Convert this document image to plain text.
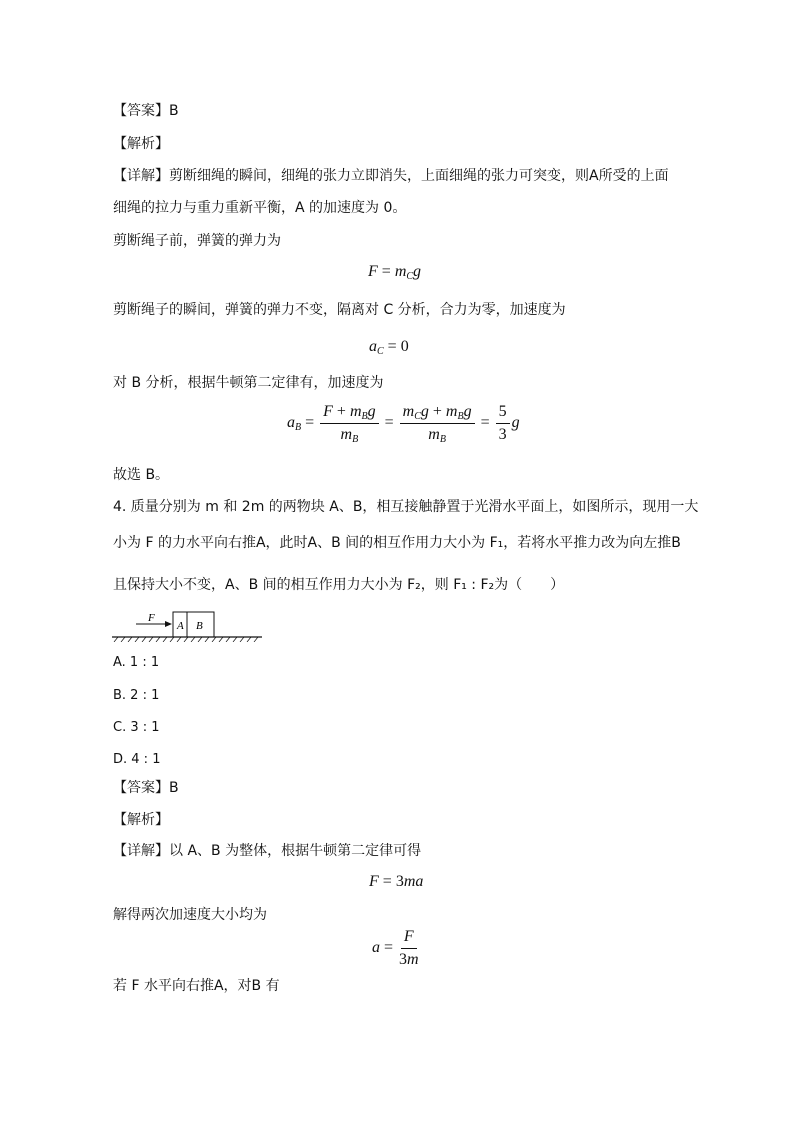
【答案】B
【解析】
【详解】剪断细绳的瞬间，细绳的张力立即消失，上面细绳的张力可突变，则A所受的上面
细绳的拉力与重力重新平衡，A 的加速度为 0。
剪断绳子前，弹簧的弹力为
$F = m_Cg$
剪断绳子的瞬间，弹簧的弹力不变，隔离对 C 分析，合力为零，加速度为
$a_C = 0$
对 B 分析，根据牛顿第二定律有，加速度为
$a_B = \frac{F + m_Bg}{m_B} = \frac{m_Cg + m_Bg}{m_B} = \frac{5}{3}$ g
故选 B。
4. 质量分别为 m 和 2m 的两物块 A、B，相互接触静置于光滑水平面上，如图所示，现用一大
小为 F 的力水平向右推A，此时A、B 间的相互作用力大小为 F₁，若将水平推力改为向左推B
且保持大小不变，A、B 间的相互作用力大小为 F₂，则 F₁ : F₂为（　　）
F
A B
A. 1 : 1
B. 2 : 1
C. 3 : 1
D. 4 : 1
【答案】B
【解析】
【详解】以 A、B 为整体，根据牛顿第二定律可得
F = 3ma
解得两次加速度大小均为
$a = \frac{F}{3m}$
若 F 水平向右推A，对B 有
